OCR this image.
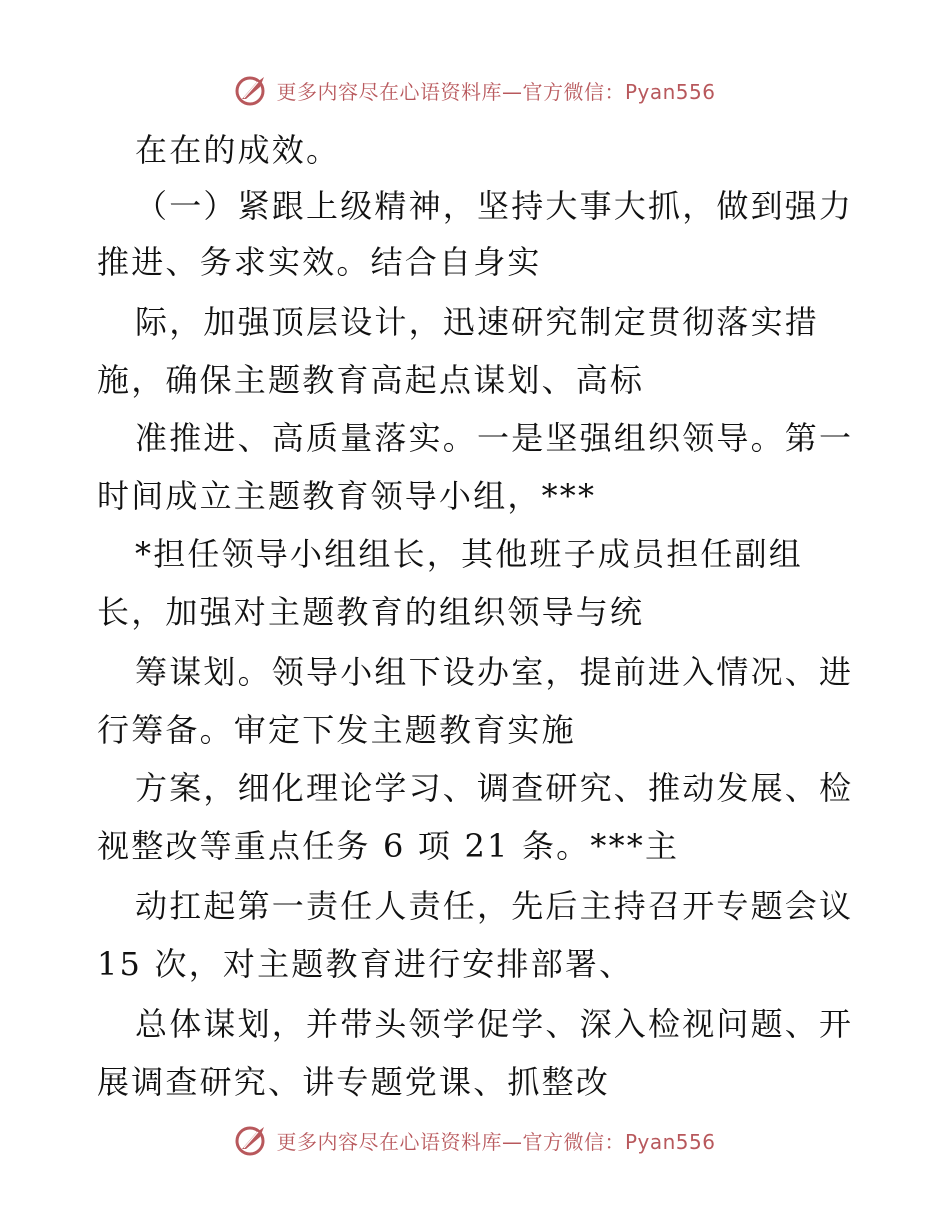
更多内容尽在心语资料库—官方微信：Pyan556
在在的成效。
（一）紧跟上级精神，坚持大事大抓，做到强力
推进、务求实效。结合自身实
际，加强顶层设计，迅速研究制定贯彻落实措
施，确保主题教育高起点谋划、高标
准推进、高质量落实。一是坚强组织领导。第一
时间成立主题教育领导小组，***
*担任领导小组组长，其他班子成员担任副组
长，加强对主题教育的组织领导与统
筹谋划。领导小组下设办室，提前进入情况、进
行筹备。审定下发主题教育实施
方案，细化理论学习、调查研究、推动发展、检
视整改等重点任务 6 项 21 条。***主
动扛起第一责任人责任，先后主持召开专题会议
15 次，对主题教育进行安排部署、
总体谋划，并带头领学促学、深入检视问题、开
展调查研究、讲专题党课、抓整改
更多内容尽在心语资料库—官方微信：Pyan556
